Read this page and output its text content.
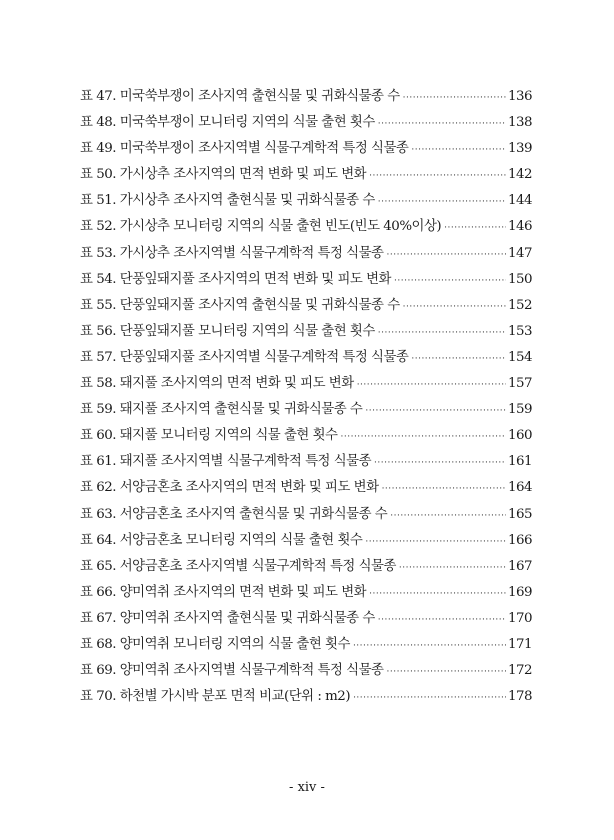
표 47. 미국쑥부쟁이 조사지역 출현식물 및 귀화식물종 수 ·····	136
표 48. 미국쑥부쟁이 모니터링 지역의 식물 출현 횟수 ·····	138
표 49. 미국쑥부쟁이 조사지역별 식물구계학적 특정 식물종 ·····	139
표 50. 가시상추 조사지역의 면적 변화 및 피도 변화 ·····	142
표 51. 가시상추 조사지역 출현식물 및 귀화식물종 수 ·····	144
표 52. 가시상추 모니터링 지역의 식물 출현 빈도(빈도 40%이상) ·····	146
표 53. 가시상추 조사지역별 식물구계학적 특정 식물종 ·····	147
표 54. 단풍잎돼지풀 조사지역의 면적 변화 및 피도 변화 ·····	150
표 55. 단풍잎돼지풀 조사지역 출현식물 및 귀화식물종 수 ·····	152
표 56. 단풍잎돼지풀 모니터링 지역의 식물 출현 횟수 ·····	153
표 57. 단풍잎돼지풀 조사지역별 식물구계학적 특정 식물종 ·····	154
표 58. 돼지풀 조사지역의 면적 변화 및 피도 변화 ·····	157
표 59. 돼지풀 조사지역 출현식물 및 귀화식물종 수 ·····	159
표 60. 돼지풀 모니터링 지역의 식물 출현 횟수 ·····	160
표 61. 돼지풀 조사지역별 식물구계학적 특정 식물종 ·····	161
표 62. 서양금혼초 조사지역의 면적 변화 및 피도 변화 ·····	164
표 63. 서양금혼초 조사지역 출현식물 및 귀화식물종 수 ·····	165
표 64. 서양금혼초 모니터링 지역의 식물 출현 횟수 ·····	166
표 65. 서양금혼초 조사지역별 식물구계학적 특정 식물종 ·····	167
표 66. 양미역취 조사지역의 면적 변화 및 피도 변화 ·····	169
표 67. 양미역취 조사지역 출현식물 및 귀화식물종 수 ·····	170
표 68. 양미역취 모니터링 지역의 식물 출현 횟수 ·····	171
표 69. 양미역취 조사지역별 식물구계학적 특정 식물종 ·····	172
표 70. 하천별 가시박 분포 면적 비교(단위 : m2) ·····	178
- xiv -
